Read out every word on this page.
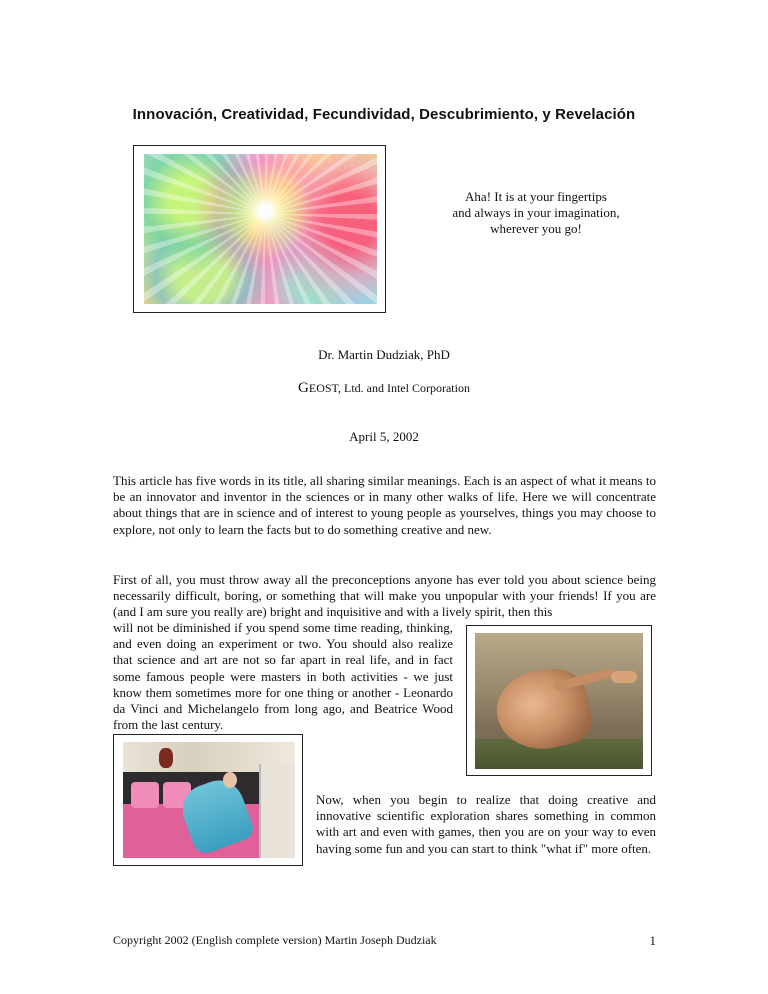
Innovación, Creatividad, Fecundividad, Descubrimiento, y Revelación
Aha! It is at your fingertips
and always in your imagination,
wherever you go!
Dr. Martin Dudziak, PhD
GEOST, Ltd. and Intel Corporation
April 5, 2002

This article has five words in its title, all sharing similar meanings. Each is an aspect of what it means to be an innovator and inventor in the sciences or in many other walks of life. Here we will concentrate about things that are in science and of interest to young people as yourselves, things you may choose to explore, not only to learn the facts but to do something creative and new.

First of all, you must throw away all the preconceptions anyone has ever told you about science being necessarily difficult, boring, or something that will make you unpopular with your friends! If you are (and I am sure you really are) bright and inquisitive and with a lively spirit, then this

will not be diminished if you spend some time reading, thinking, and even doing an experiment or two. You should also realize that science and art are not so far apart in real life, and in fact some famous people were masters in both activities - we just know them sometimes more for one thing or another - Leonardo da Vinci and Michelangelo from long ago, and Beatrice Wood from the last century.

Now, when you begin to realize that doing creative and innovative scientific exploration shares something in common with art and even with games, then you are on your way to even having some fun and you can start to think "what if" more often.

Copyright 2002 (English complete version) Martin Joseph Dudziak	1
